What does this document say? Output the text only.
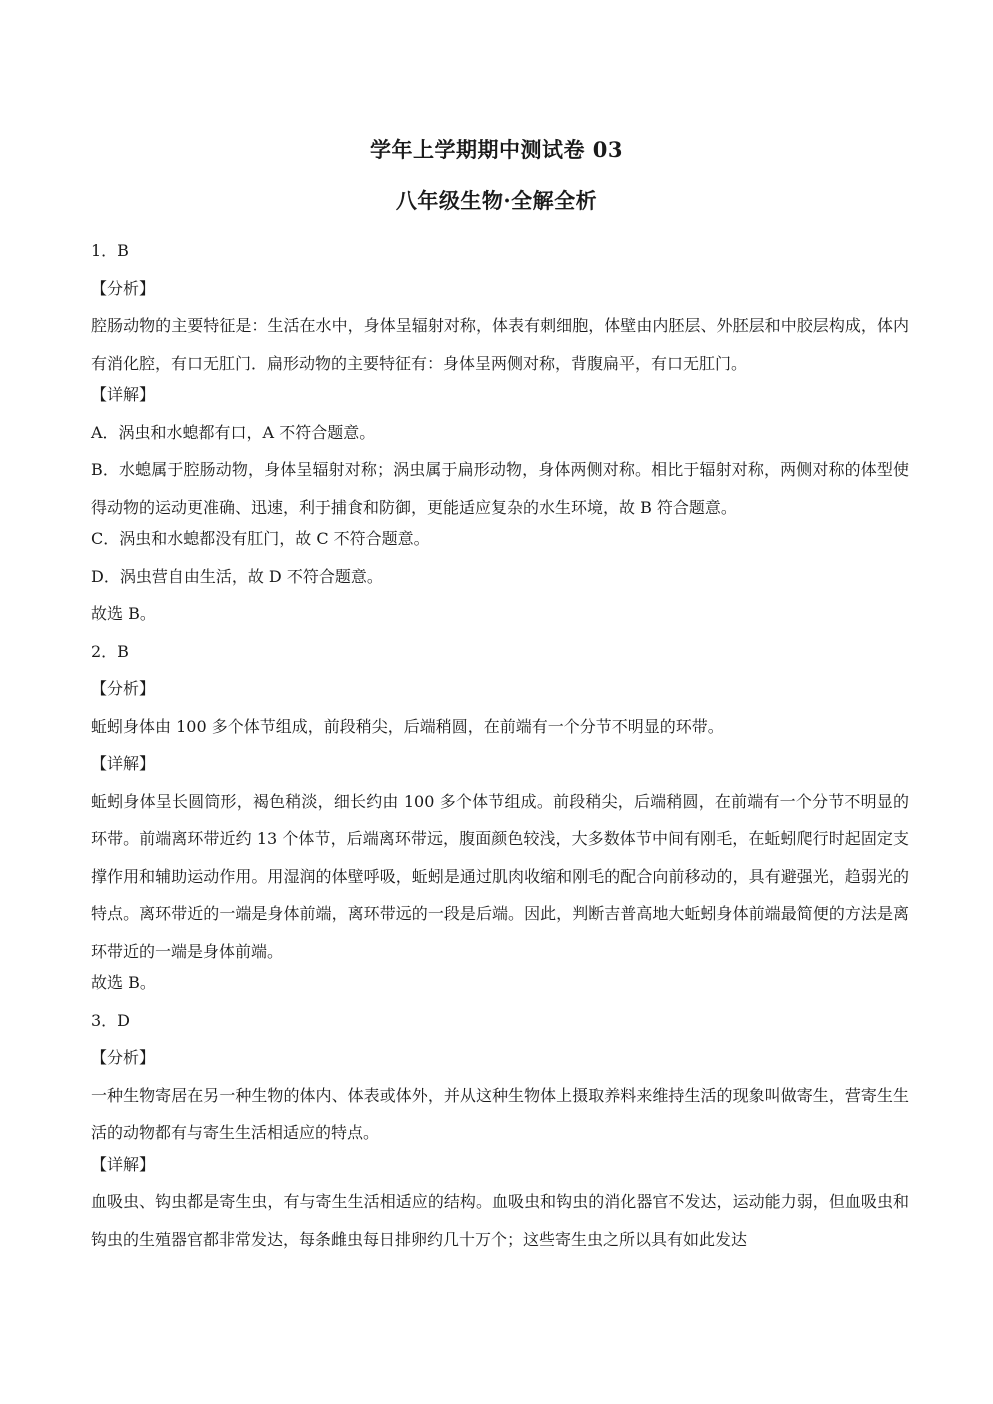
学年上学期期中测试卷 03
八年级生物·全解全析
1．B
【分析】
腔肠动物的主要特征是：生活在水中，身体呈辐射对称，体表有刺细胞，体壁由内胚层、外胚层和中胶层构成，体内有消化腔，有口无肛门．扁形动物的主要特征有：身体呈两侧对称，背腹扁平，有口无肛门。
【详解】
A．涡虫和水螅都有口，A 不符合题意。
B．水螅属于腔肠动物，身体呈辐射对称；涡虫属于扁形动物，身体两侧对称。相比于辐射对称，两侧对称的体型使得动物的运动更准确、迅速，利于捕食和防御，更能适应复杂的水生环境，故 B 符合题意。
C．涡虫和水螅都没有肛门，故 C 不符合题意。
D．涡虫营自由生活，故 D 不符合题意。
故选 B。
2．B
【分析】
蚯蚓身体由 100 多个体节组成，前段稍尖，后端稍圆，在前端有一个分节不明显的环带。
【详解】
蚯蚓身体呈长圆筒形，褐色稍淡，细长约由 100 多个体节组成。前段稍尖，后端稍圆，在前端有一个分节不明显的环带。前端离环带近约 13 个体节，后端离环带远，腹面颜色较浅，大多数体节中间有刚毛，在蚯蚓爬行时起固定支撑作用和辅助运动作用。用湿润的体壁呼吸，蚯蚓是通过肌肉收缩和刚毛的配合向前移动的，具有避强光，趋弱光的特点。离环带近的一端是身体前端，离环带远的一段是后端。因此，判断吉普高地大蚯蚓身体前端最简便的方法是离环带近的一端是身体前端。
故选 B。
3．D
【分析】
一种生物寄居在另一种生物的体内、体表或体外，并从这种生物体上摄取养料来维持生活的现象叫做寄生，营寄生生活的动物都有与寄生生活相适应的特点。
【详解】
血吸虫、钩虫都是寄生虫，有与寄生生活相适应的结构。血吸虫和钩虫的消化器官不发达，运动能力弱，但血吸虫和钩虫的生殖器官都非常发达，每条雌虫每日排卵约几十万个；这些寄生虫之所以具有如此发达
